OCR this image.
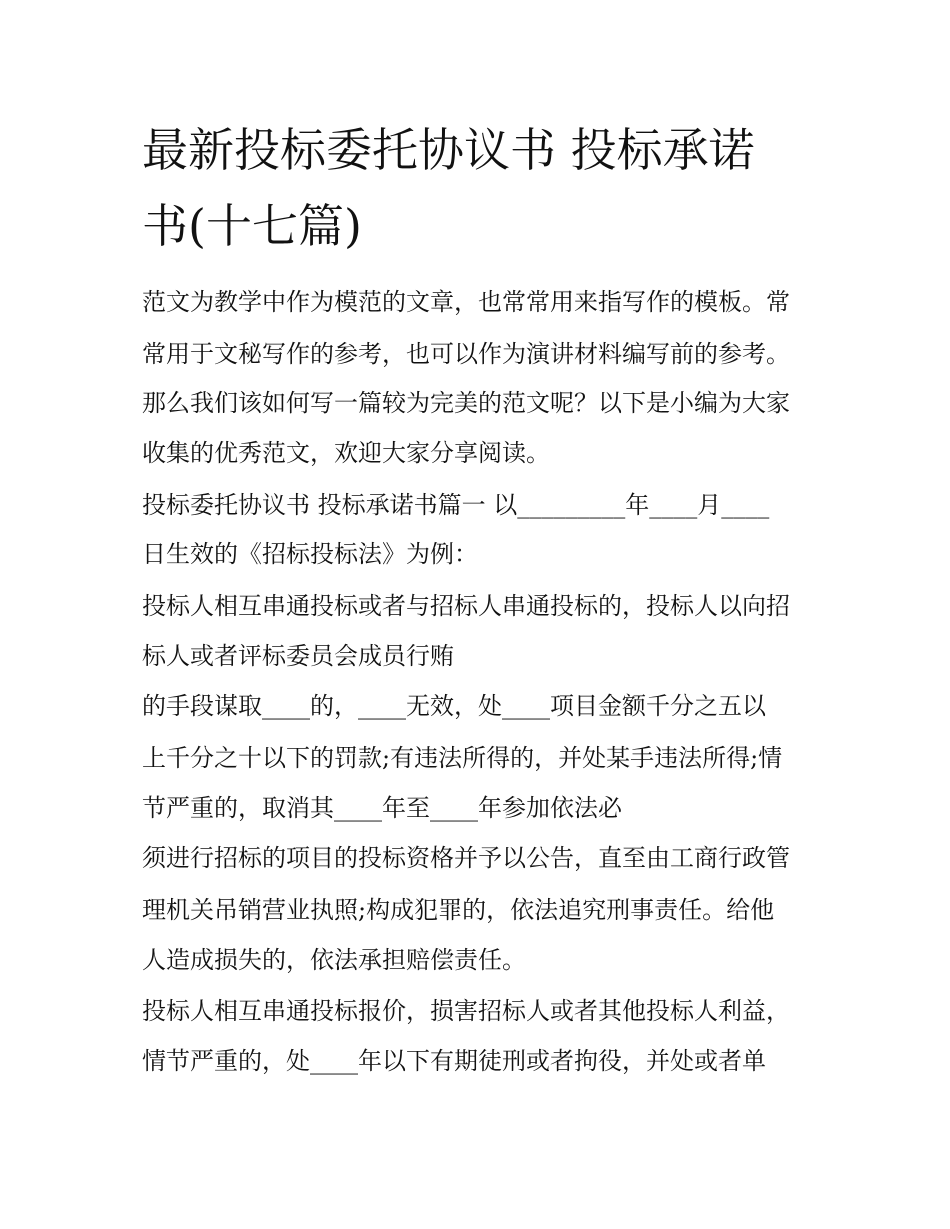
最新投标委托协议书 投标承诺
书(十七篇)
范文为教学中作为模范的文章，也常常用来指写作的模板。常
常用于文秘写作的参考，也可以作为演讲材料编写前的参考。
那么我们该如何写一篇较为完美的范文呢？以下是小编为大家
收集的优秀范文，欢迎大家分享阅读。
投标委托协议书 投标承诺书篇一 以_________年____月____
日生效的《招标投标法》为例：
投标人相互串通投标或者与招标人串通投标的，投标人以向招
标人或者评标委员会成员行贿
的手段谋取____的，____无效，处____项目金额千分之五以
上千分之十以下的罚款;有违法所得的，并处某手违法所得;情
节严重的，取消其____年至____年参加依法必
须进行招标的项目的投标资格并予以公告，直至由工商行政管
理机关吊销营业执照;构成犯罪的，依法追究刑事责任。给他
人造成损失的，依法承担赔偿责任。
投标人相互串通投标报价，损害招标人或者其他投标人利益，
情节严重的，处____年以下有期徒刑或者拘役，并处或者单
